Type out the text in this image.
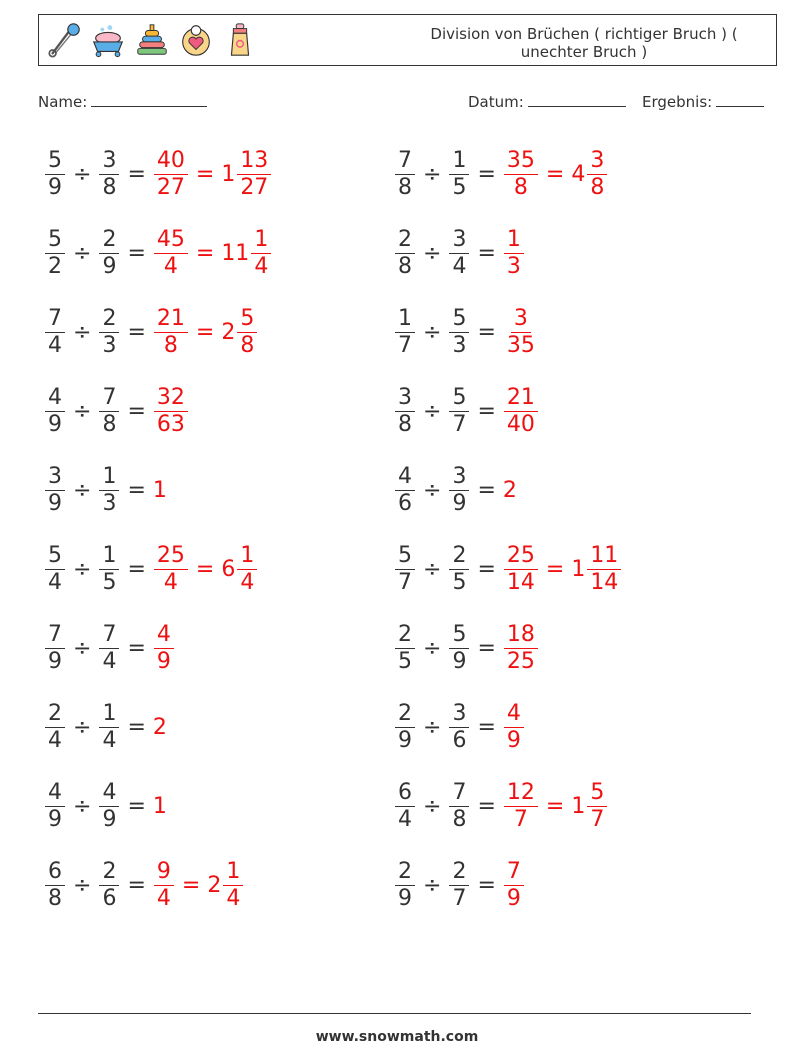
Division von Brüchen ( richtiger Bruch ) ( unechter Bruch )
Name:	Datum:	Ergebnis:
$\frac{5}{9} \div \frac{3}{8} = \frac{40}{27} = 1 \frac{13}{27}$	$\frac{7}{8} \div \frac{1}{5} = \frac{35}{8} = 4 \frac{3}{8}$
$\frac{5}{2} \div \frac{2}{9} = \frac{45}{4} = 11 \frac{1}{4}$	$\frac{2}{8} \div \frac{3}{4} = \frac{1}{3}$
$\frac{7}{4} \div \frac{2}{3} = \frac{21}{8} = 2 \frac{5}{8}$	$\frac{1}{7} \div \frac{5}{3} = \frac{3}{35}$
$\frac{4}{9} \div \frac{7}{8} = \frac{32}{63}$	$\frac{3}{8} \div \frac{5}{7} = \frac{21}{40}$
$\frac{3}{9} \div \frac{1}{3} = 1$	$\frac{4}{6} \div \frac{3}{9} = 2$
$\frac{5}{4} \div \frac{1}{5} = \frac{25}{4} = 6 \frac{1}{4}$	$\frac{5}{7} \div \frac{2}{5} = \frac{25}{14} = 1 \frac{11}{14}$
$\frac{7}{9} \div \frac{7}{4} = \frac{4}{9}$	$\frac{2}{5} \div \frac{5}{9} = \frac{18}{25}$
$\frac{2}{4} \div \frac{1}{4} = 2$	$\frac{2}{9} \div \frac{3}{6} = \frac{4}{9}$
$\frac{4}{9} \div \frac{4}{9} = 1$	$\frac{6}{4} \div \frac{7}{8} = \frac{12}{7} = 1 \frac{5}{7}$
$\frac{6}{8} \div \frac{2}{6} = \frac{9}{4} = 2 \frac{1}{4}$	$\frac{2}{9} \div \frac{2}{7} = \frac{7}{9}$
www.snowmath.com
